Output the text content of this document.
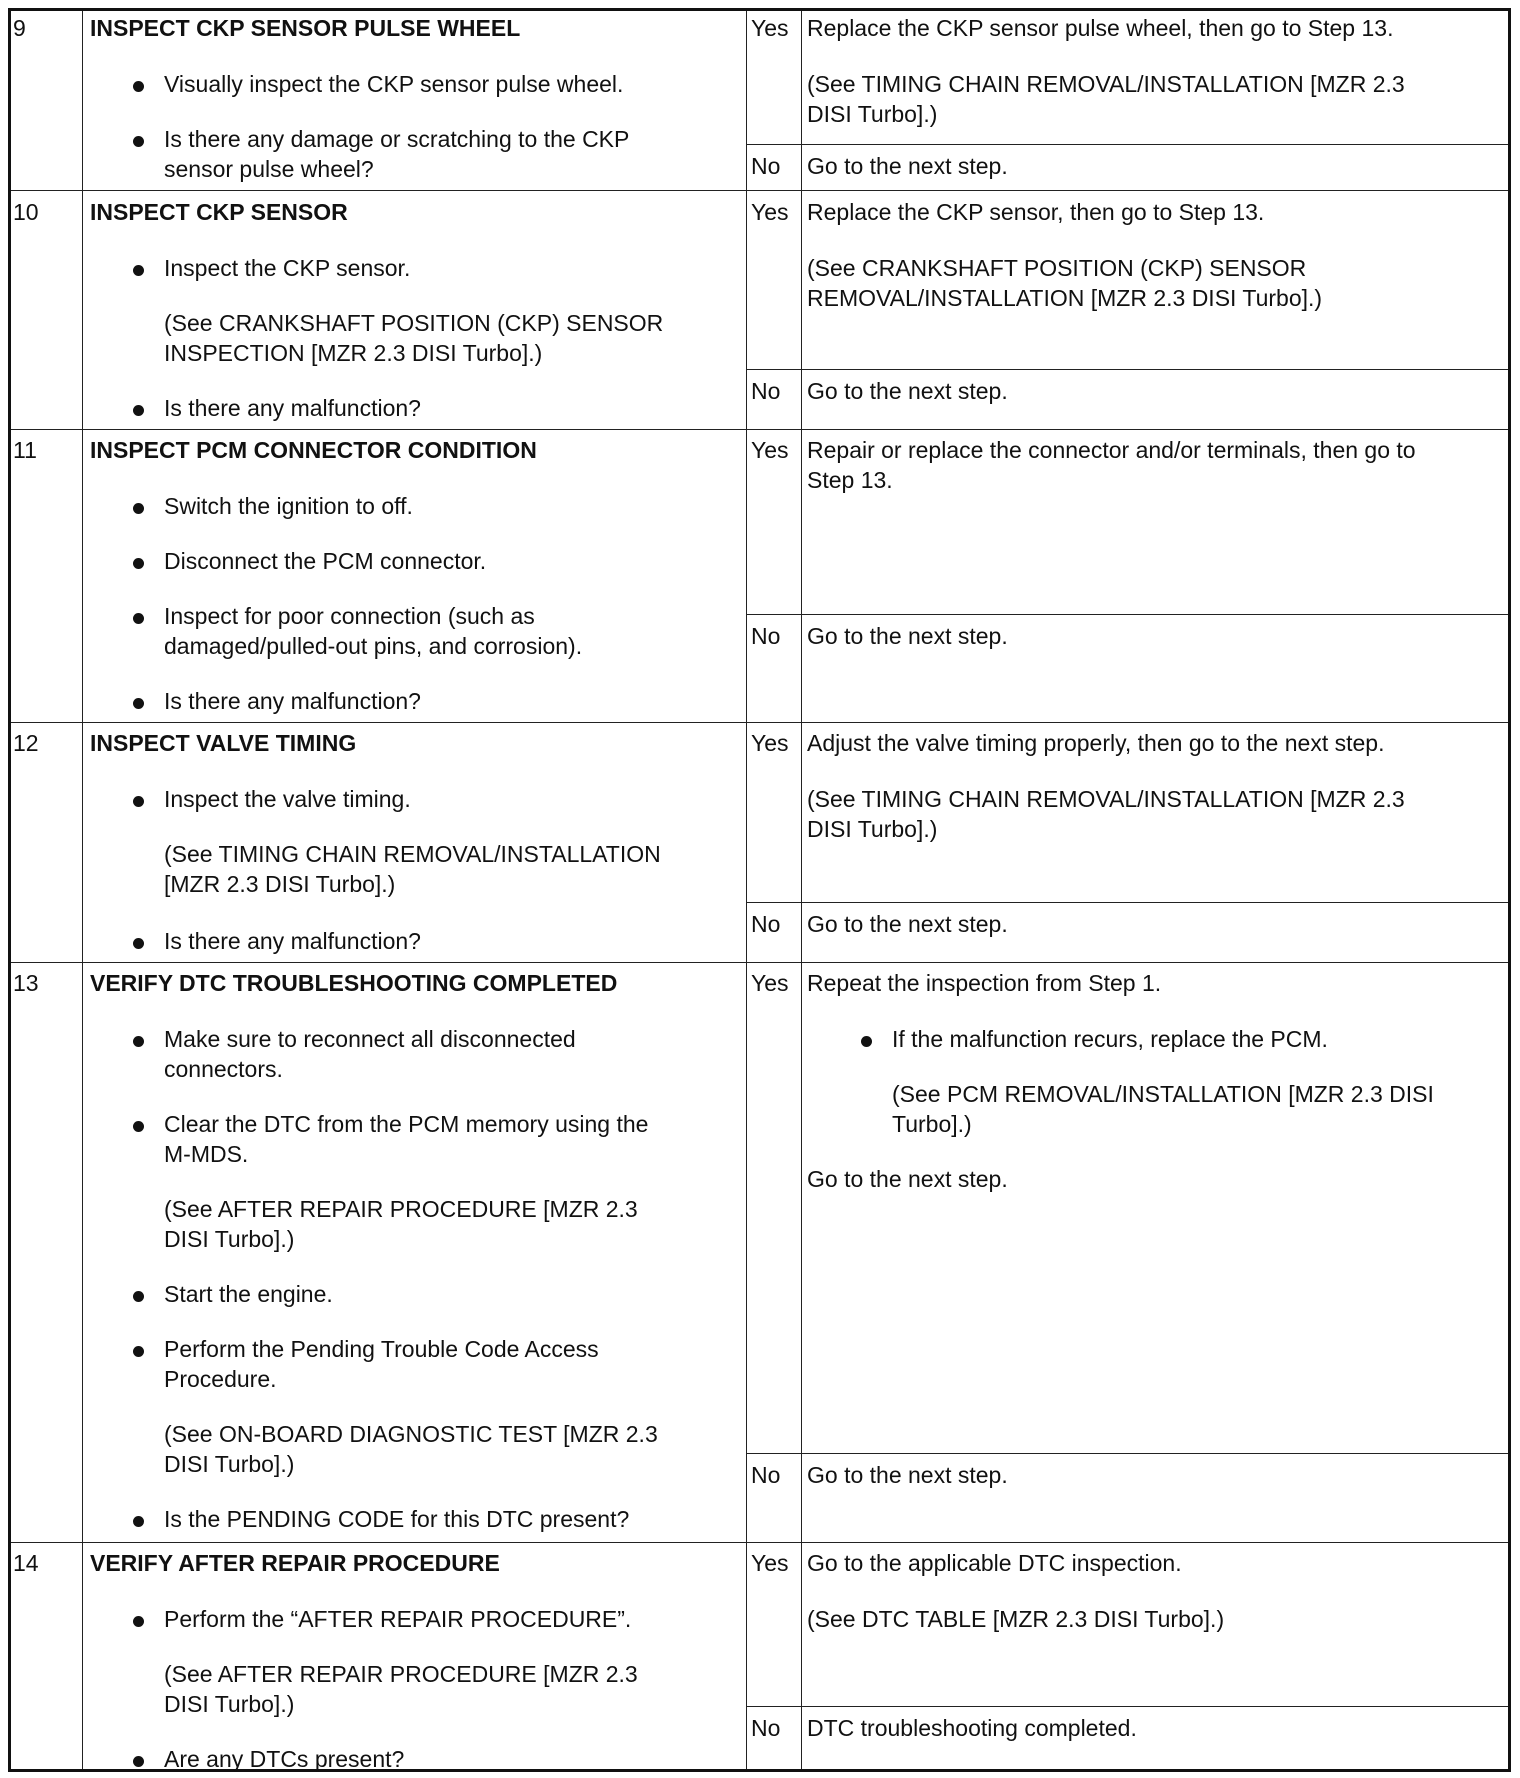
9	INSPECT CKP SENSOR PULSE WHEEL
Visually inspect the CKP sensor pulse wheel.
Is there any damage or scratching to the CKP
sensor pulse wheel?
Yes Replace the CKP sensor pulse wheel, then go to Step 13.
(See TIMING CHAIN REMOVAL/INSTALLATION [MZR 2.3
DISI Turbo].)
No Go to the next step.
10 INSPECT CKP SENSOR
Inspect the CKP sensor.
(See CRANKSHAFT POSITION (CKP) SENSOR
INSPECTION [MZR 2.3 DISI Turbo].)
Is there any malfunction?
Yes Replace the CKP sensor, then go to Step 13.
(See CRANKSHAFT POSITION (CKP) SENSOR
REMOVAL/INSTALLATION [MZR 2.3 DISI Turbo].)
No Go to the next step.
11 INSPECT PCM CONNECTOR CONDITION
Switch the ignition to off.
Disconnect the PCM connector.
Inspect for poor connection (such as
damaged/pulled-out pins, and corrosion).
Is there any malfunction?
Yes Repair or replace the connector and/or terminals, then go to
Step 13.
No Go to the next step.
12 INSPECT VALVE TIMING
Inspect the valve timing.
(See TIMING CHAIN REMOVAL/INSTALLATION
[MZR 2.3 DISI Turbo].)
Is there any malfunction?
Yes Adjust the valve timing properly, then go to the next step.
(See TIMING CHAIN REMOVAL/INSTALLATION [MZR 2.3
DISI Turbo].)
No Go to the next step.
13 VERIFY DTC TROUBLESHOOTING COMPLETED
Make sure to reconnect all disconnected
connectors.
Clear the DTC from the PCM memory using the
M-MDS.
(See AFTER REPAIR PROCEDURE [MZR 2.3
DISI Turbo].)
Start the engine.
Perform the Pending Trouble Code Access
Procedure.
(See ON-BOARD DIAGNOSTIC TEST [MZR 2.3
DISI Turbo].)
Is the PENDING CODE for this DTC present?
Yes Repeat the inspection from Step 1.
If the malfunction recurs, replace the PCM.
(See PCM REMOVAL/INSTALLATION [MZR 2.3 DISI
Turbo].)
Go to the next step.
No Go to the next step.
14 VERIFY AFTER REPAIR PROCEDURE
Perform the “AFTER REPAIR PROCEDURE”.
(See AFTER REPAIR PROCEDURE [MZR 2.3
DISI Turbo].)
Are any DTCs present?
Yes Go to the applicable DTC inspection.
(See DTC TABLE [MZR 2.3 DISI Turbo].)
No DTC troubleshooting completed.
